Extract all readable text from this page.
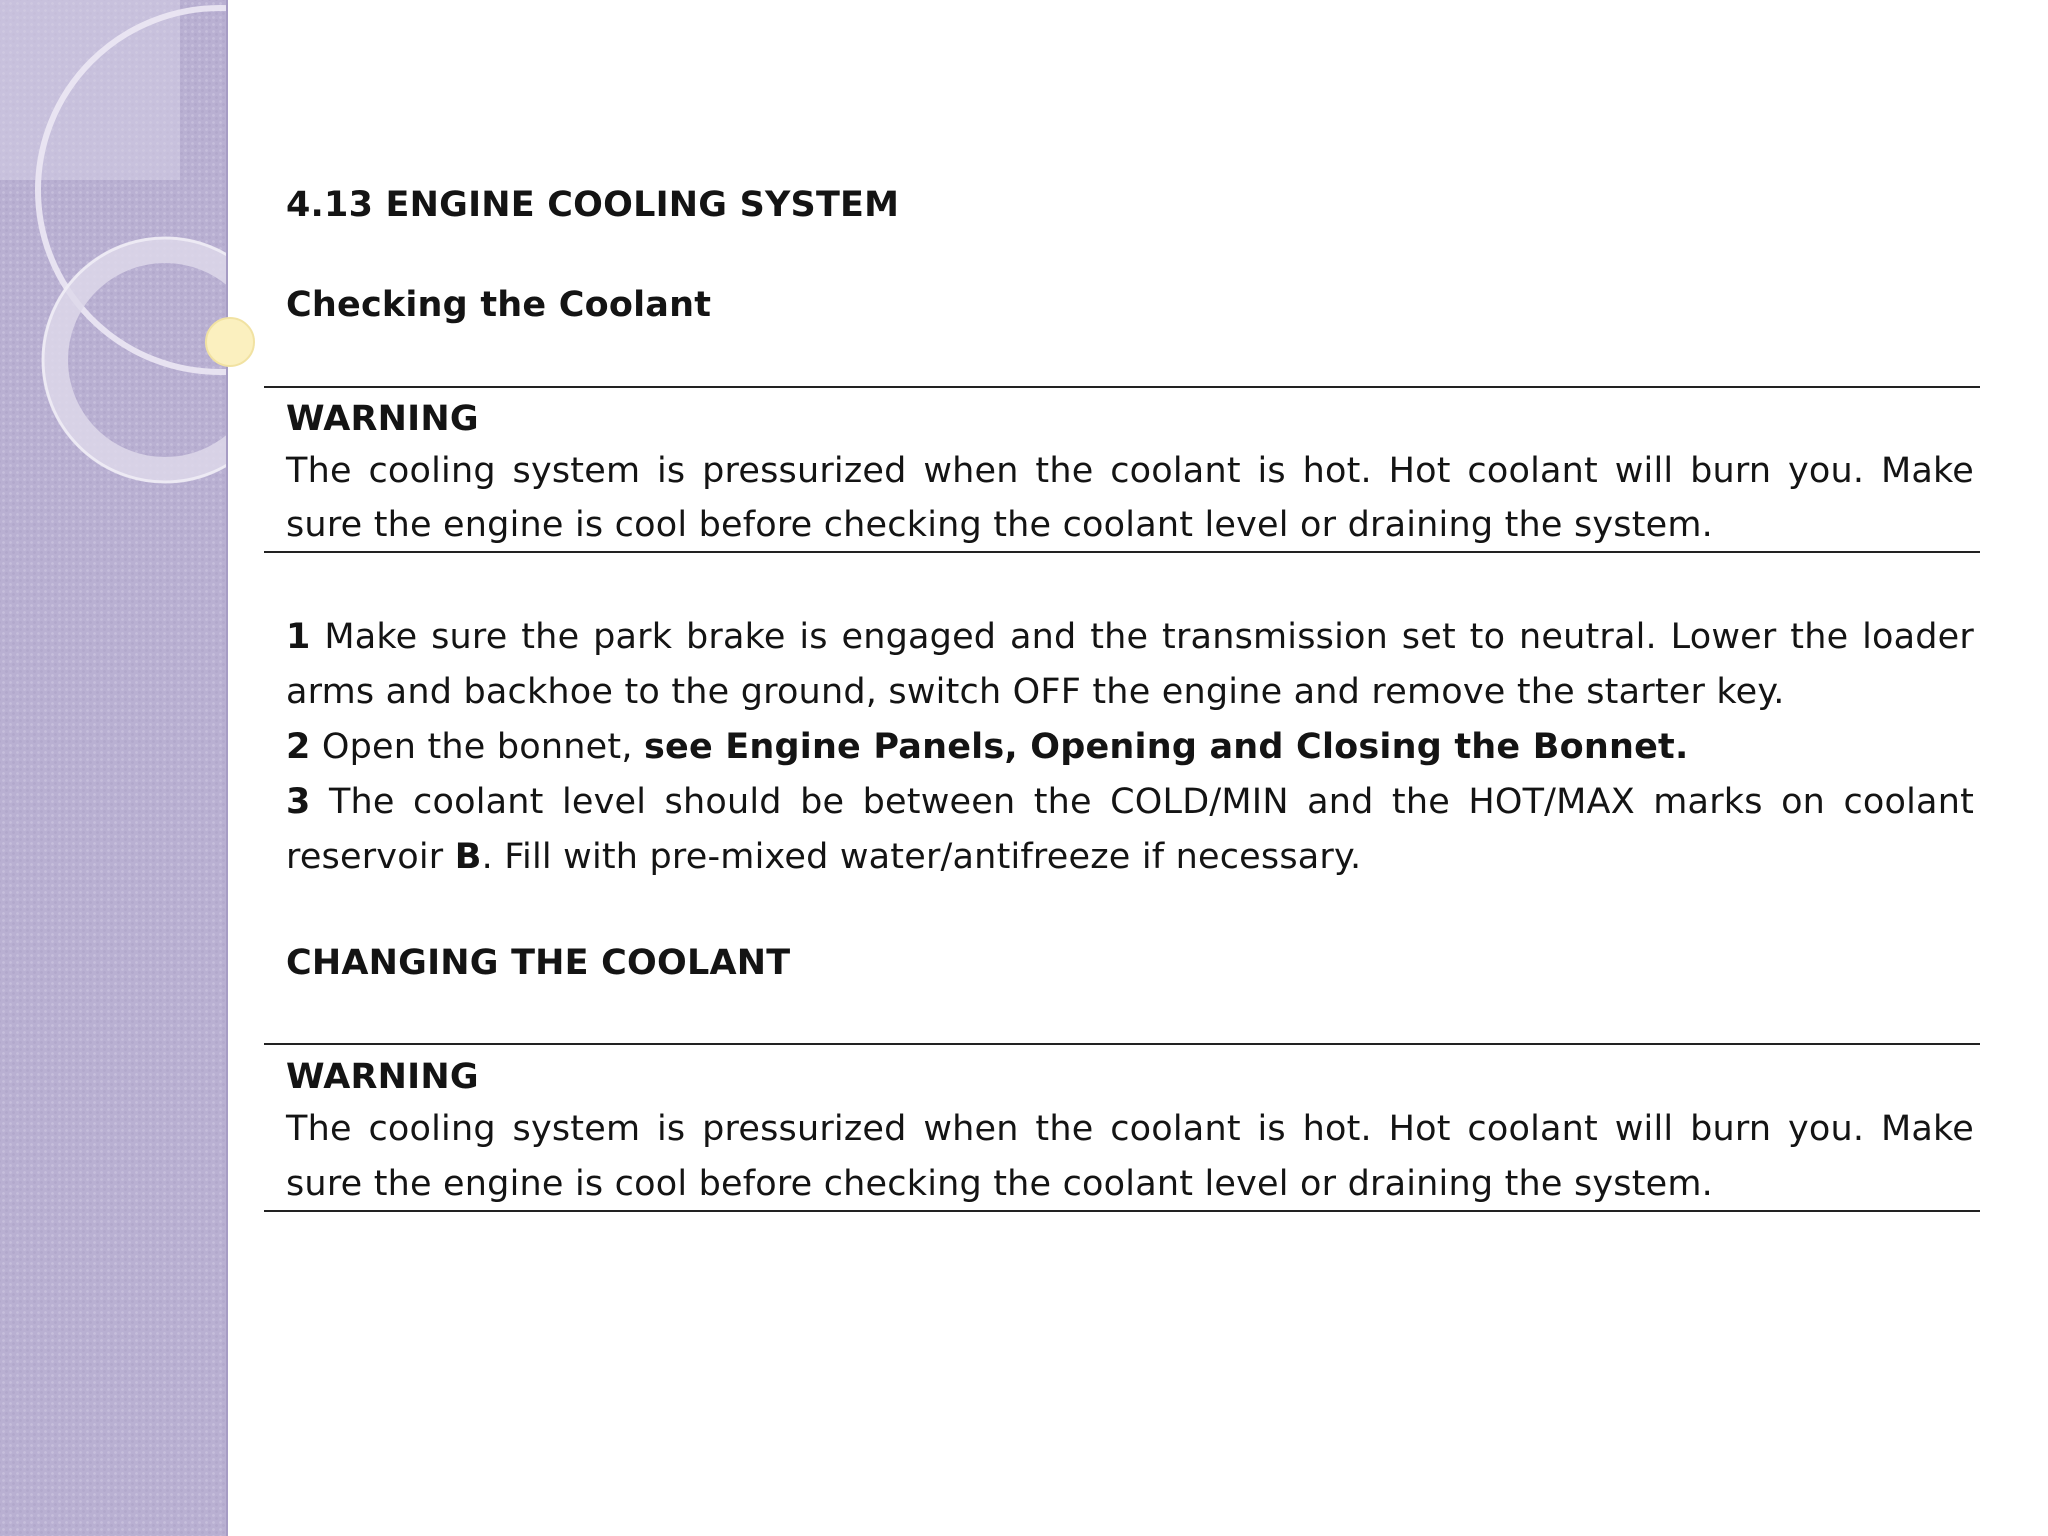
4.13 ENGINE COOLING SYSTEM

Checking the Coolant

WARNING

The cooling system is pressurized when the coolant is hot. Hot coolant will burn you. Make

sure the engine is cool before checking the coolant level or draining the system.

1 Make sure the park brake is engaged and the transmission set to neutral. Lower the loader

arms and backhoe to the ground, switch OFF the engine and remove the starter key.

2 Open the bonnet, see Engine Panels, Opening and Closing the Bonnet.

3 The coolant level should be between the COLD/MIN and the HOT/MAX marks on coolant

reservoir B. Fill with pre-mixed water/antifreeze if necessary.

CHANGING THE COOLANT

WARNING

The cooling system is pressurized when the coolant is hot. Hot coolant will burn you. Make

sure the engine is cool before checking the coolant level or draining the system.
